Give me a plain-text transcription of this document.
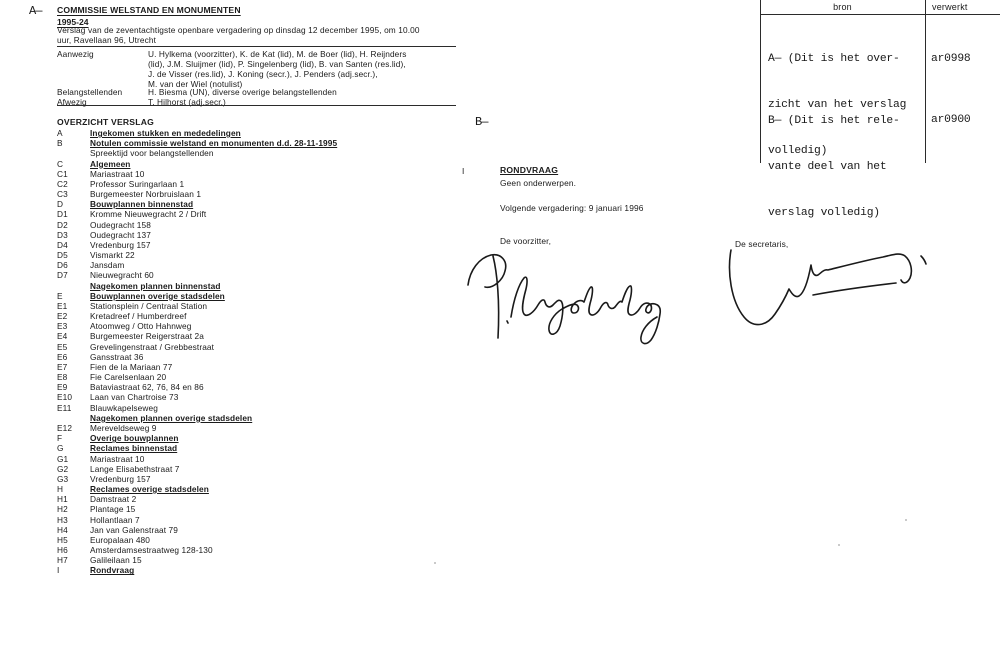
A—
B—
COMMISSIE WELSTAND EN MONUMENTEN
1995-24
Verslag van de zeventachtigste openbare vergadering op dinsdag 12 december 1995, om 10.00
uur, Ravellaan 96, Utrecht
Aanwezig	U. Hylkema (voorzitter), K. de Kat (lid), M. de Boer (lid), H. Reijnders
(lid), J.M. Sluijmer (lid), P. Singelenberg (lid), B. van Santen (res.lid),
J. de Visser (res.lid), J. Koning (secr.), J. Penders (adj.secr.),
M. van der Wiel (notulist)
Belangstellenden	H. Biesma (UN), diverse overige belangstellenden
Afwezig	T. Hilhorst (adj.secr.)
OVERZICHT VERSLAG
A	Ingekomen stukken en mededelingen
B	Notulen commissie welstand en monumenten d.d. 28-11-1995
Spreektijd voor belangstellenden
C	Algemeen
C1	Mariastraat 10
C2	Professor Suringarlaan 1
C3	Burgemeester Norbruislaan 1
D	Bouwplannen binnenstad
D1	Kromme Nieuwegracht 2 / Drift
D2	Oudegracht 158
D3	Oudegracht 137
D4	Vredenburg 157
D5	Vismarkt 22
D6	Jansdam
D7	Nieuwegracht 60
Nagekomen plannen binnenstad
E	Bouwplannen overige stadsdelen
E1	Stationsplein / Centraal Station
E2	Kretadreef / Humberdreef
E3	Atoomweg / Otto Hahnweg
E4	Burgemeester Reigerstraat 2a
E5	Grevelingenstraat / Grebbestraat
E6	Gansstraat 36
E7	Fien de la Mariaan 77
E8	Fie Carelsenlaan 20
E9	Bataviastraat 62, 76, 84 en 86
E10	Laan van Chartroise 73
E11	Blauwkapelseweg
Nagekomen plannen overige stadsdelen
E12	Mereveldseweg 9
F	Overige bouwplannen
G	Reclames binnenstad
G1	Mariastraat 10
G2	Lange Elisabethstraat 7
G3	Vredenburg 157
H	Reclames overige stadsdelen
H1	Damstraat 2
H2	Plantage 15
H3	Hollantlaan 7
H4	Jan van Galenstraat 79
H5	Europalaan 480
H6	Amsterdamsestraatweg 128-130
H7	Galileilaan 15
I	Rondvraag
I	RONDVRAAG
Geen onderwerpen.
Volgende vergadering: 9 januari 1996
De voorzitter,	De secretaris,
bron	verwerkt

A— (Dit is het over-

zicht van het verslag

volledig)

ar0998

B— (Dit is het rele-

vante deel van het

verslag volledig)

ar0900
